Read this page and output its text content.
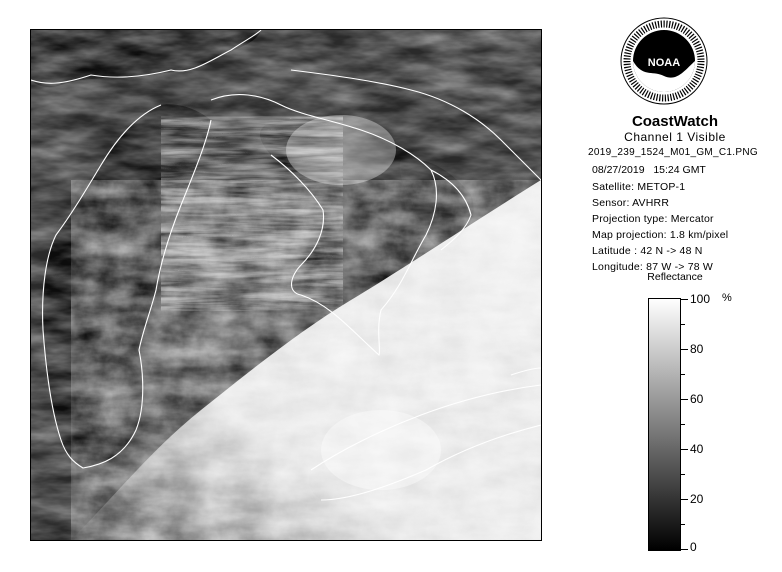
NOAA
CoastWatch
Channel 1 Visible
2019_239_1524_M01_GM_C1.PNG
08/27/2019 15:24 GMT
Satellite: METOP-1
Sensor: AVHRR
Projection type: Mercator
Map projection: 1.8 km/pixel
Latitude : 42 N -> 48 N
Longitude: 87 W -> 78 W
Reflectance
%
100
80
60
40
20
0
